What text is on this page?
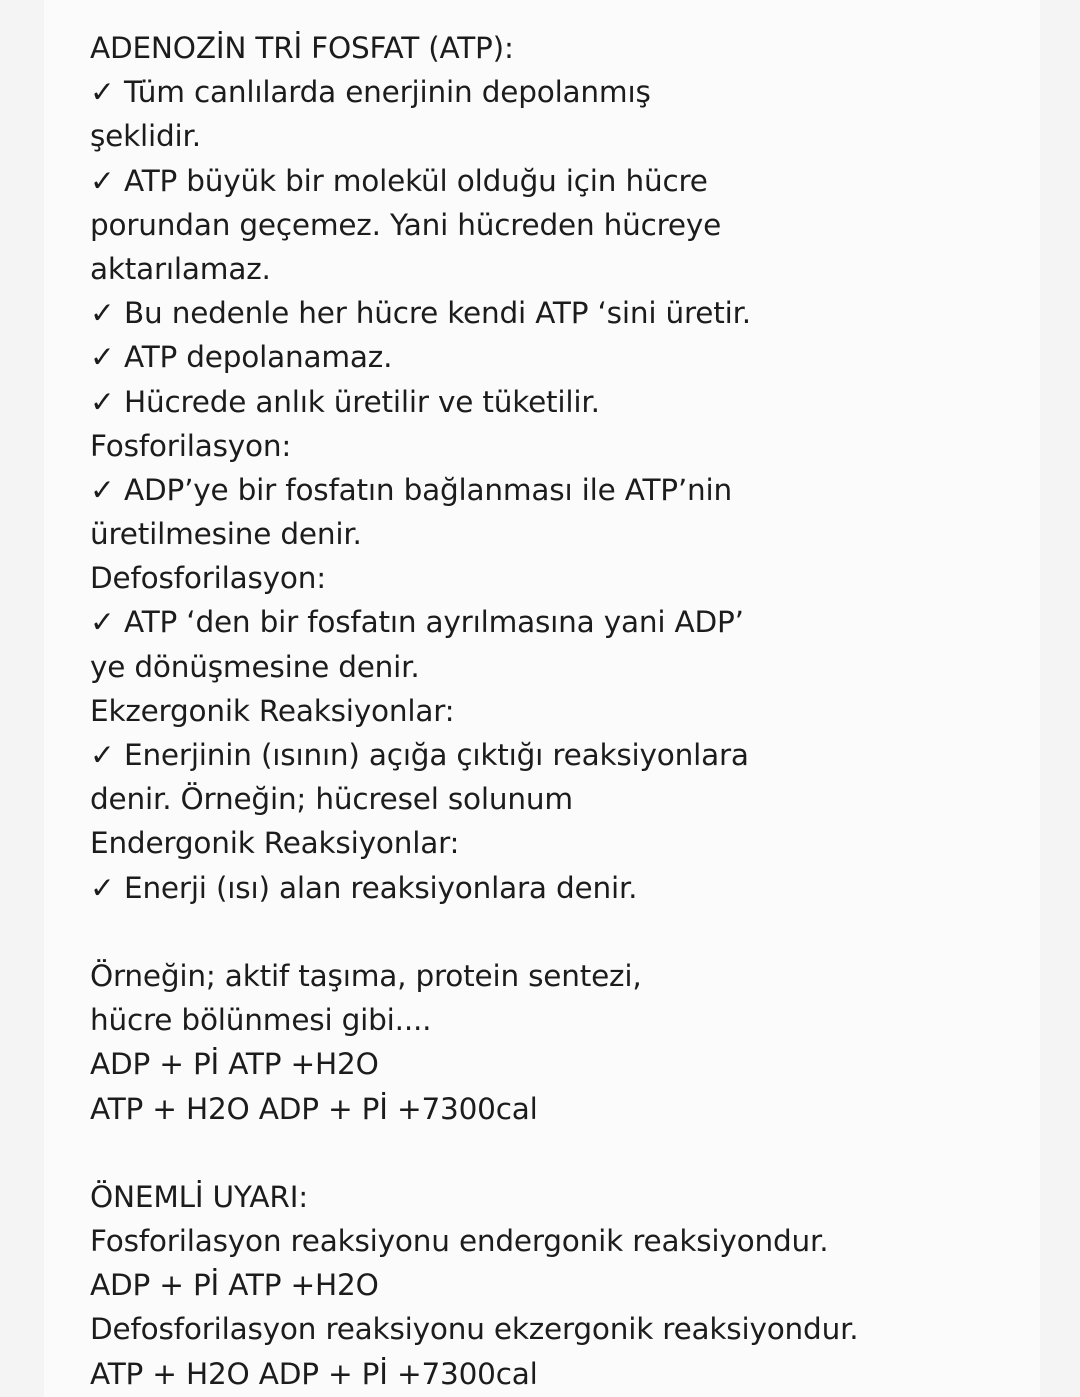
ADENOZİN TRİ FOSFAT (ATP):
✓ Tüm canlılarda enerjinin depolanmış
şeklidir.
✓ ATP büyük bir molekül olduğu için hücre
porundan geçemez. Yani hücreden hücreye
aktarılamaz.
✓ Bu nedenle her hücre kendi ATP ‘sini üretir.
✓ ATP depolanamaz.
✓ Hücrede anlık üretilir ve tüketilir.
Fosforilasyon:
✓ ADP’ye bir fosfatın bağlanması ile ATP’nin
üretilmesine denir.
Defosforilasyon:
✓ ATP ‘den bir fosfatın ayrılmasına yani ADP’
ye dönüşmesine denir.
Ekzergonik Reaksiyonlar:
✓ Enerjinin (ısının) açığa çıktığı reaksiyonlara
denir. Örneğin; hücresel solunum
Endergonik Reaksiyonlar:
✓ Enerji (ısı) alan reaksiyonlara denir.
Örneğin; aktif taşıma, protein sentezi,
hücre bölünmesi gibi....
ADP + Pİ ATP +H2O
ATP + H2O ADP + Pİ +7300cal
ÖNEMLİ UYARI:
Fosforilasyon reaksiyonu endergonik reaksiyondur.
ADP + Pİ ATP +H2O
Defosforilasyon reaksiyonu ekzergonik reaksiyondur.
ATP + H2O ADP + Pİ +7300cal
